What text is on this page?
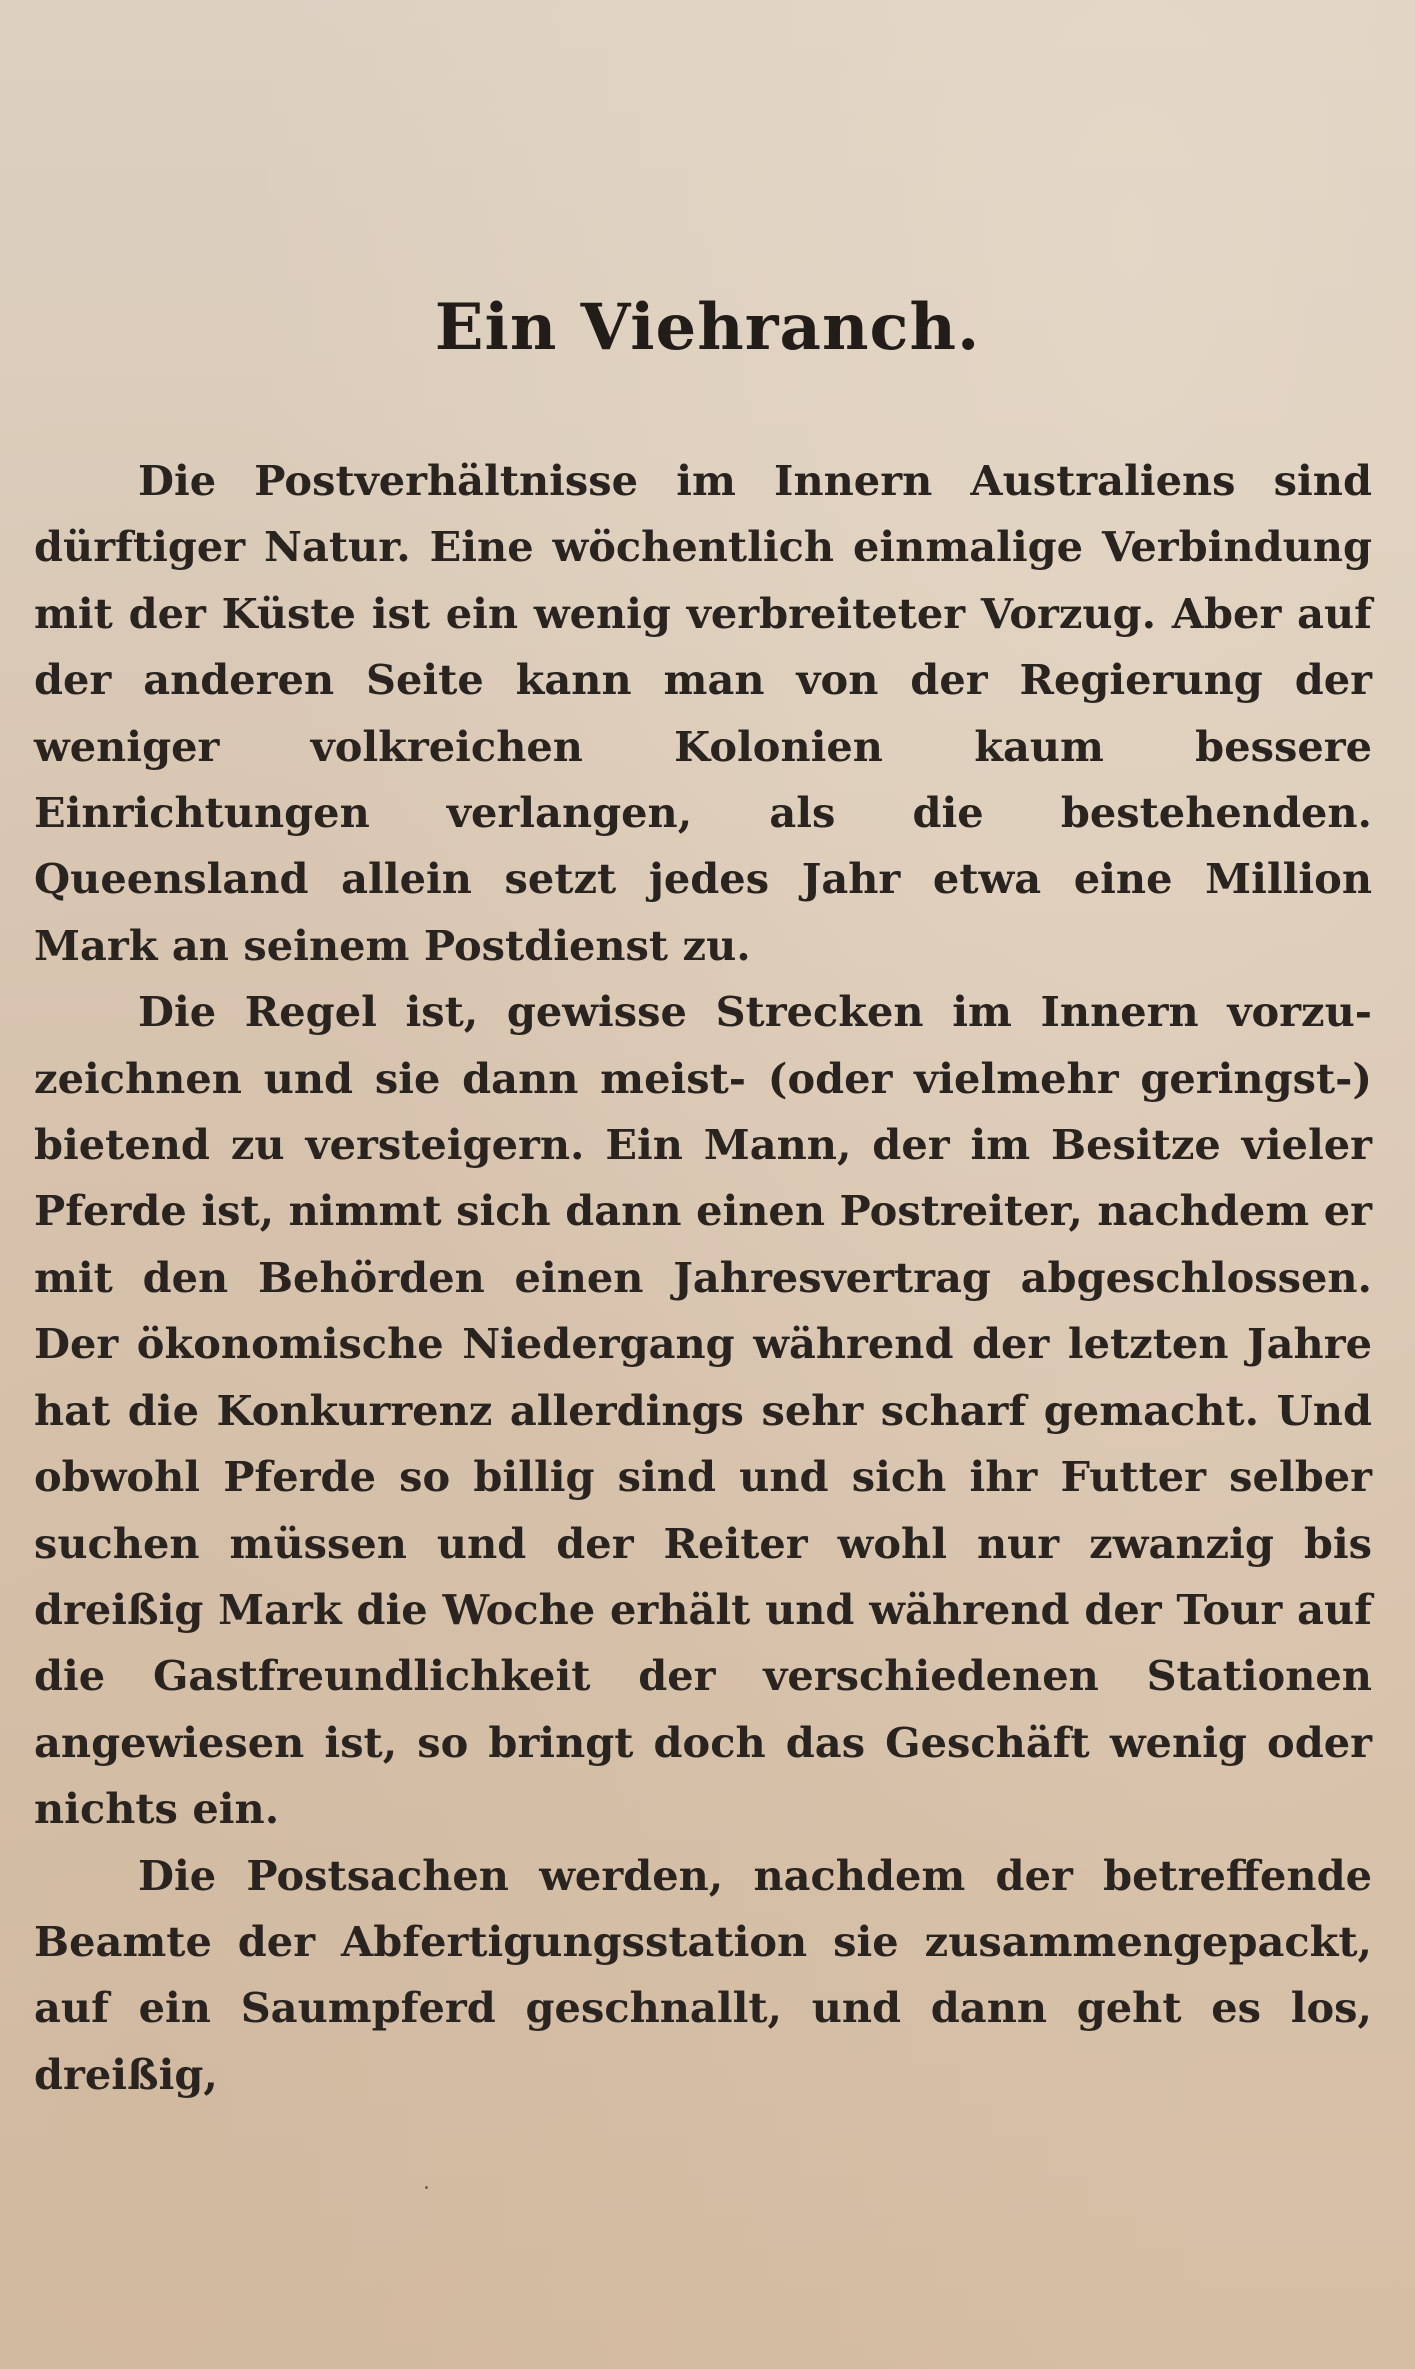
Ein Viehranch.

Die Postverhältnisse im Innern Australiens sind dürftiger Natur. Eine wöchentlich einmalige Verbindung mit der Küste ist ein wenig verbreiteter Vorzug. Aber auf der anderen Seite kann man von der Regierung der weniger volkreichen Kolonien kaum bessere Einrichtungen verlangen, als die bestehenden. Queensland allein setzt jedes Jahr etwa eine Million Mark an seinem Postdienst zu.

Die Regel ist, gewisse Strecken im Innern vorzuzeichnen und sie dann meist- (oder vielmehr geringst-) bietend zu versteigern. Ein Mann, der im Besitze vieler Pferde ist, nimmt sich dann einen Postreiter, nachdem er mit den Behörden einen Jahresvertrag abgeschlossen. Der ökonomische Niedergang während der letzten Jahre hat die Konkurrenz allerdings sehr scharf gemacht. Und obwohl Pferde so billig sind und sich ihr Futter selber suchen müssen und der Reiter wohl nur zwanzig bis dreißig Mark die Woche erhält und während der Tour auf die Gastfreundlichkeit der verschiedenen Stationen angewiesen ist, so bringt doch das Geschäft wenig oder nichts ein.

Die Postsachen werden, nachdem der betreffende Beamte der Abfertigungsstation sie zusammengepackt, auf ein Saumpferd geschnallt, und dann geht es los, dreißig,
